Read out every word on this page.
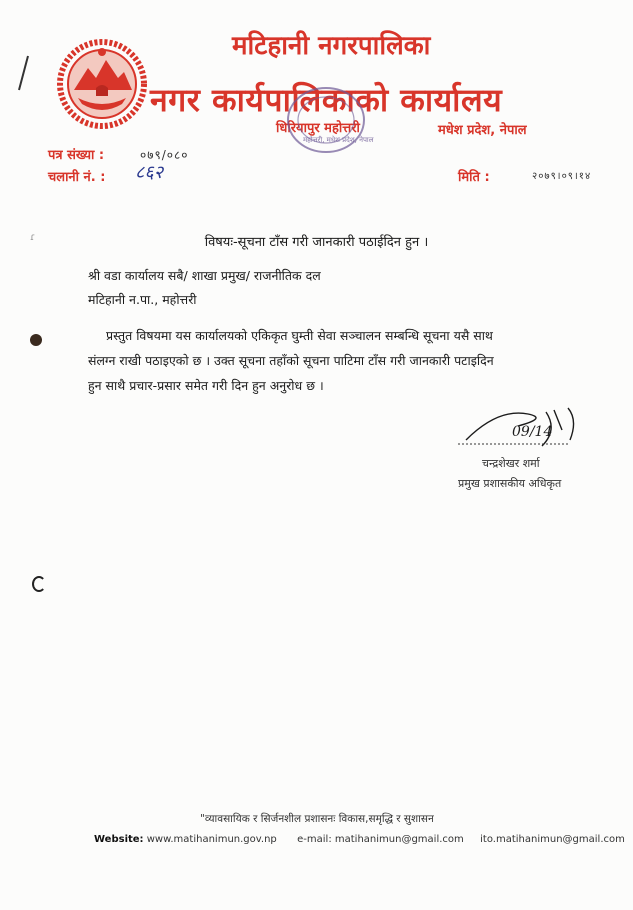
मटिहानी नगरपालिका
नगर कार्यपालिकाको कार्यालय
धिरियापुर महोत्तरी	मधेश प्रदेश, नेपाल
महोत्तरी, मधेश प्रदेश, नेपाल
पत्र संख्या :	०७९/०८०
चलानी नं. : ८६२	मिति :	२०७९।०९।१४
ɾ	विषयः-सूचना टाँस गरी जानकारी पठाईदिन हुन ।
श्री वडा कार्यालय सबै/ शाखा प्रमुख/ राजनीतिक दल
मटिहानी न.पा., महोत्तरी
प्रस्तुत विषयमा यस कार्यालयको एकिकृत घुम्ती सेवा सञ्चालन सम्बन्धि सूचना यसै साथ
संलग्न राखी पठाइएको छ । उक्त सूचना तहाँको सूचना पाटिमा टाँस गरी जानकारी पटाइदिन
हुन साथै प्रचार-प्रसार समेत गरी दिन हुन अनुरोध छ ।
09/14
चन्द्रशेखर शर्मा
प्रमुख प्रशासकीय अधिकृत
"व्यावसायिक र सिर्जनशील प्रशासनः विकास,समृद्धि र सुशासन
Website: www.matihanimun.gov.np e-mail: matihanimun@gmail.com ito.matihanimun@gmail.com
